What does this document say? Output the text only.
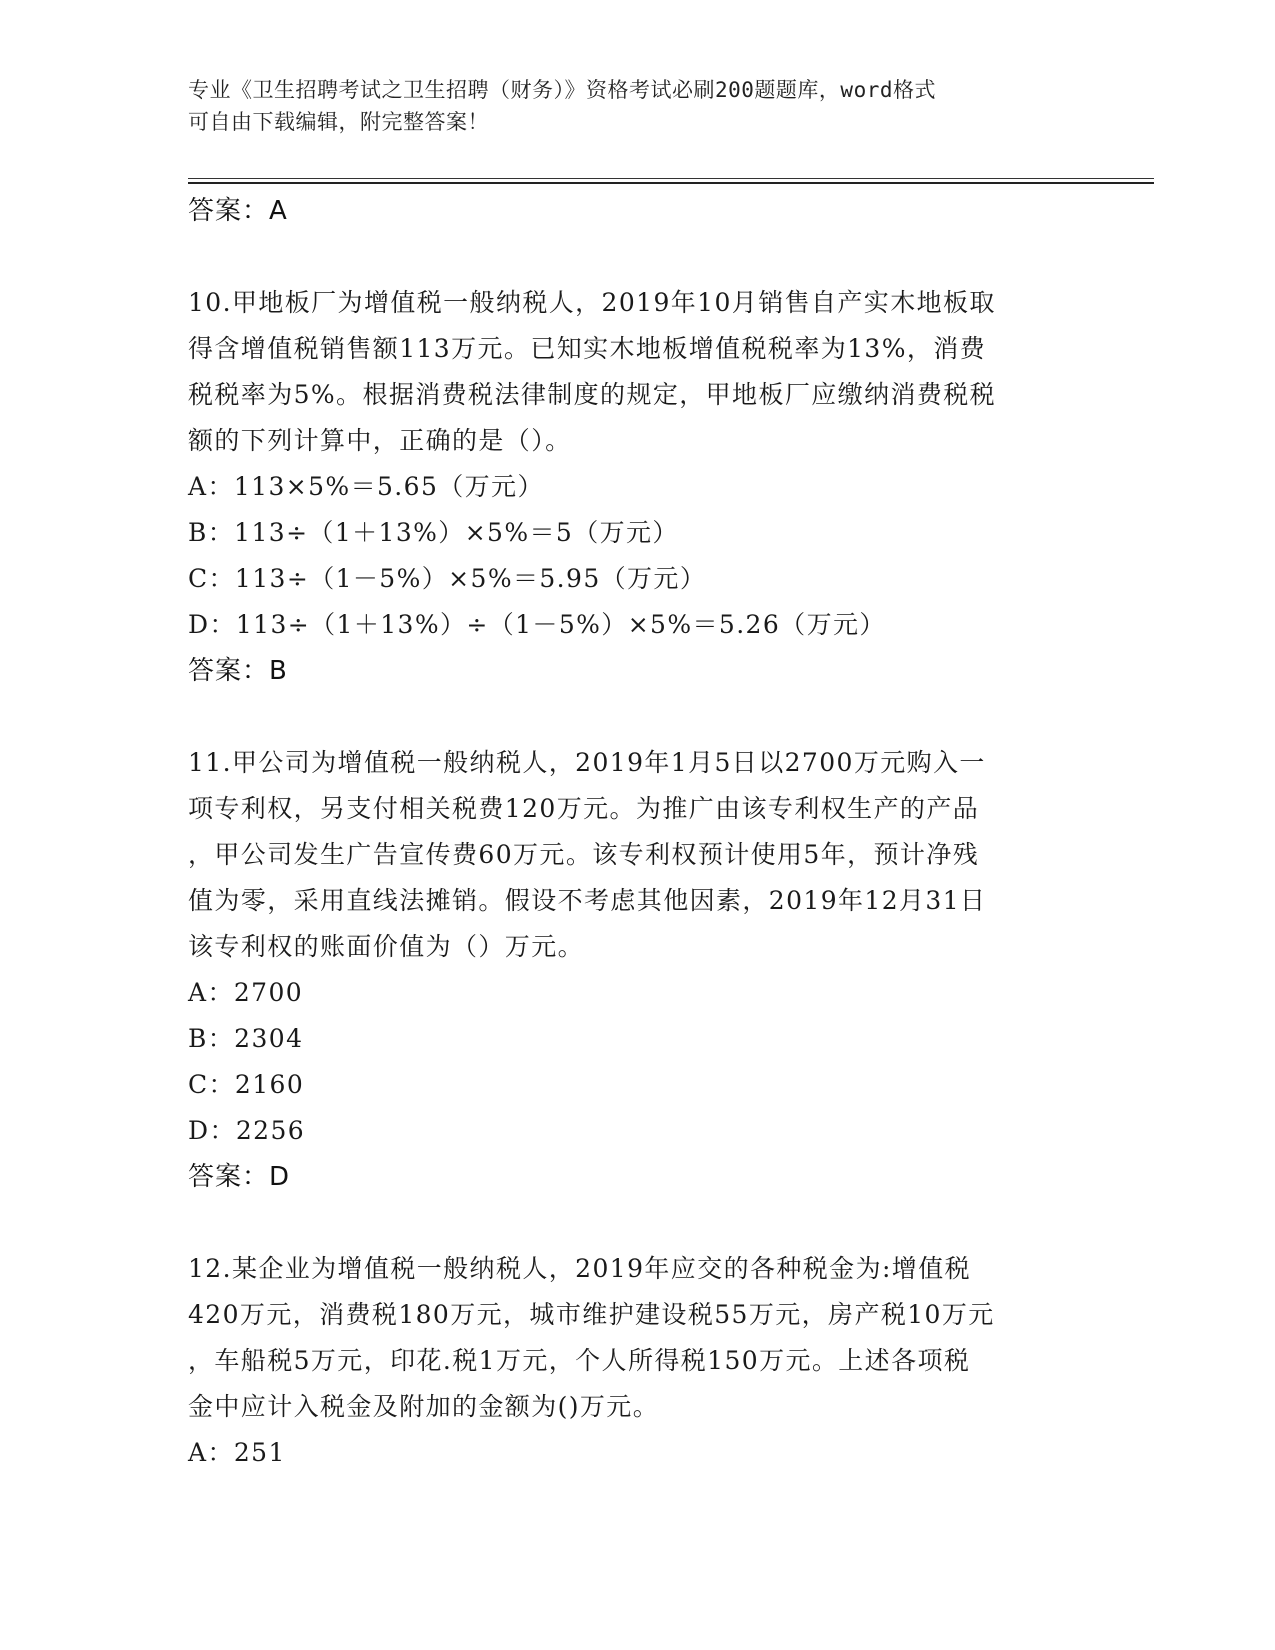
专业《卫生招聘考试之卫生招聘（财务）》资格考试必刷200题题库，word格式
可自由下载编辑，附完整答案！
答案：A
10.甲地板厂为增值税一般纳税人，2019年10月销售自产实木地板取
得含增值税销售额113万元。已知实木地板增值税税率为13%，消费
税税率为5%。根据消费税法律制度的规定，甲地板厂应缴纳消费税税
额的下列计算中，正确的是（）。
A：113×5%＝5.65（万元）
B：113÷（1＋13%）×5%＝5（万元）
C：113÷（1－5%）×5%＝5.95（万元）
D：113÷（1＋13%）÷（1－5%）×5%＝5.26（万元）
答案：B
11.甲公司为增值税一般纳税人，2019年1月5日以2700万元购入一
项专利权，另支付相关税费120万元。为推广由该专利权生产的产品
，甲公司发生广告宣传费60万元。该专利权预计使用5年，预计净残
值为零，采用直线法摊销。假设不考虑其他因素，2019年12月31日
该专利权的账面价值为（）万元。
A：2700
B：2304
C：2160
D：2256
答案：D
12.某企业为增值税一般纳税人，2019年应交的各种税金为:增值税
420万元，消费税180万元，城市维护建设税55万元，房产税10万元
，车船税5万元，印花.税1万元，个人所得税150万元。上述各项税
金中应计入税金及附加的金额为()万元。
A：251
